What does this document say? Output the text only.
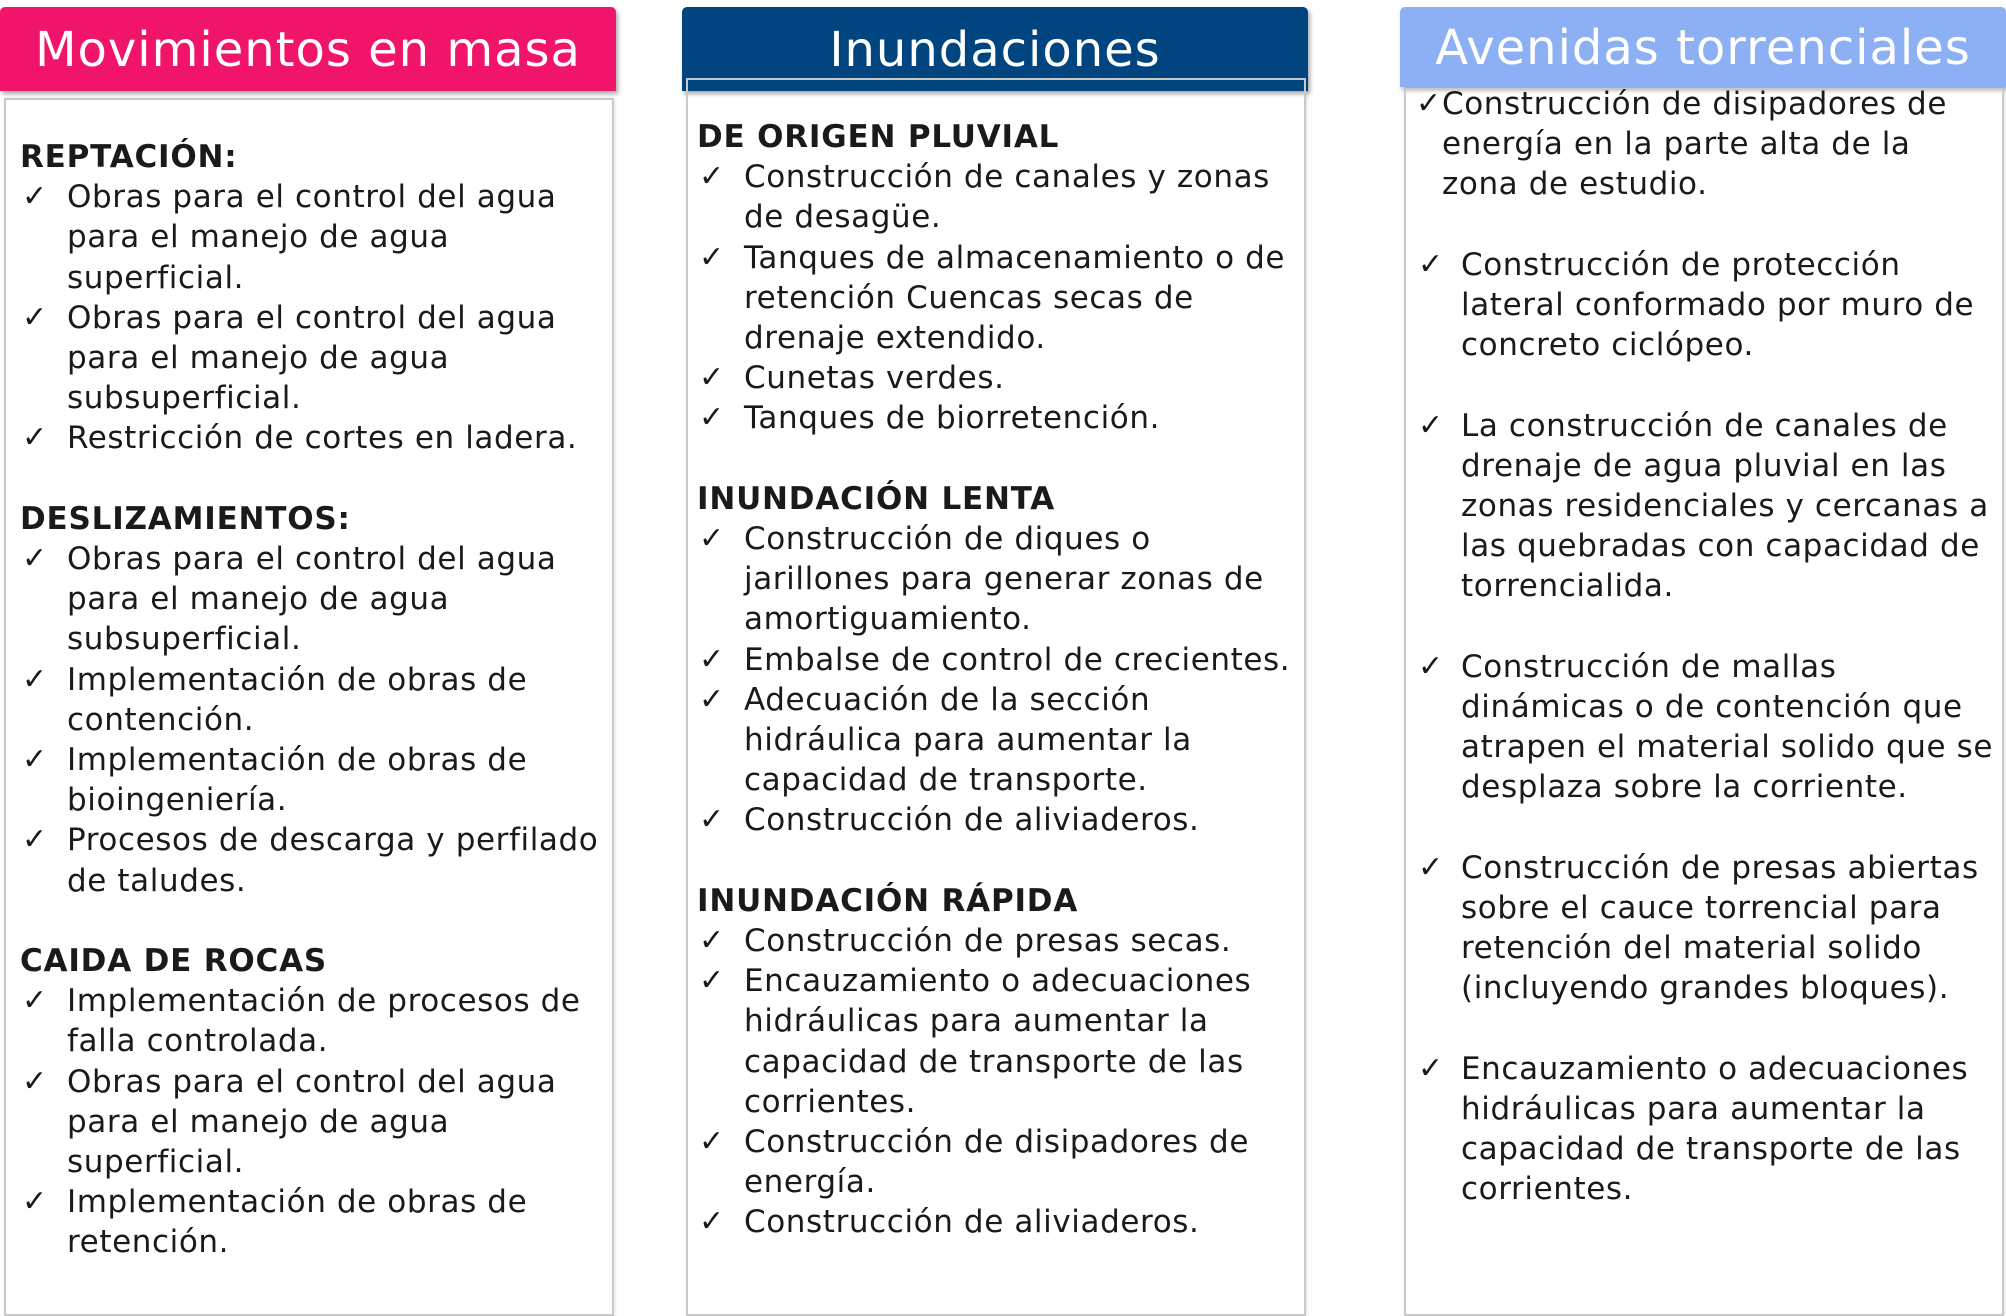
Movimientos en masa
REPTACIÓN:
✓ Obras para el control del agua para el manejo de agua superficial.
✓ Obras para el control del agua para el manejo de agua subsuperficial.
✓ Restricción de cortes en ladera.
DESLIZAMIENTOS:
✓ Obras para el control del agua para el manejo de agua subsuperficial.
✓ Implementación de obras de contención.
✓ Implementación de obras de bioingeniería.
✓ Procesos de descarga y perfilado de taludes.
CAIDA DE ROCAS
✓ Implementación de procesos de falla controlada.
✓ Obras para el control del agua para el manejo de agua superficial.
✓ Implementación de obras de retención.
Inundaciones
DE ORIGEN PLUVIAL
✓ Construcción de canales y zonas de desagüe.
✓ Tanques de almacenamiento o de retención Cuencas secas de drenaje extendido.
✓ Cunetas verdes.
✓ Tanques de biorretención.
INUNDACIÓN LENTA
✓ Construcción de diques o jarillones para generar zonas de amortiguamiento.
✓ Embalse de control de crecientes.
✓ Adecuación de la sección hidráulica para aumentar la capacidad de transporte.
✓ Construcción de aliviaderos.
INUNDACIÓN RÁPIDA
✓ Construcción de presas secas.
✓ Encauzamiento o adecuaciones hidráulicas para aumentar la capacidad de transporte de las corrientes.
✓ Construcción de disipadores de energía.
✓ Construcción de aliviaderos.
Avenidas torrenciales
✓ Construcción de disipadores de energía en la parte alta de la zona de estudio.
✓ Construcción de protección lateral conformado por muro de concreto ciclópeo.
✓ La construcción de canales de drenaje de agua pluvial en las zonas residenciales y cercanas a las quebradas con capacidad de torrencialida.
✓ Construcción de mallas dinámicas o de contención que atrapen el material solido que se desplaza sobre la corriente.
✓ Construcción de presas abiertas sobre el cauce torrencial para retención del material solido (incluyendo grandes bloques).
✓ Encauzamiento o adecuaciones hidráulicas para aumentar la capacidad de transporte de las corrientes.
